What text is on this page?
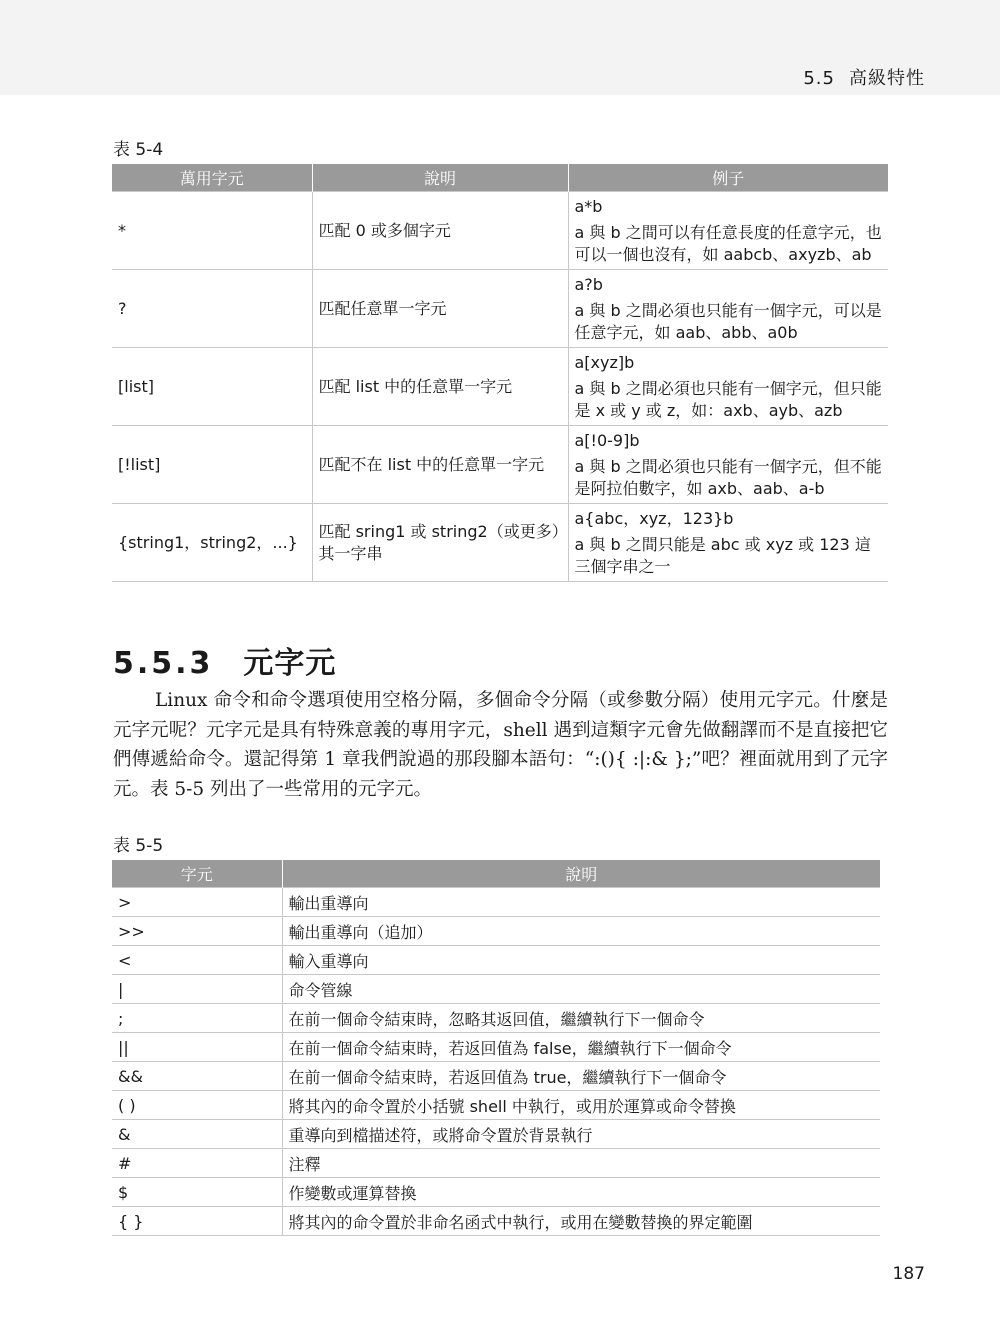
5.5 高級特性
表 5-4
萬用字元	說明	例子
*	匹配 0 或多個字元	a*b
a 與 b 之間可以有任意長度的任意字元，也可以一個也沒有，如 aabcb、axyzb、ab

?	匹配任意單一字元	a?b
a 與 b 之間必須也只能有一個字元，可以是任意字元，如 aab、abb、a0b

[list]	匹配 list 中的任意單一字元	a[xyz]b
a 與 b 之間必須也只能有一個字元，但只能是 x 或 y 或 z，如：axb、ayb、azb

[!list]	匹配不在 list 中的任意單一字元	a[!0-9]b
a 與 b 之間必須也只能有一個字元，但不能是阿拉伯數字，如 axb、aab、a-b

{string1，string2，...}	匹配 sring1 或 string2（或更多）其一字串	a{abc，xyz，123}b
a 與 b 之間只能是 abc 或 xyz 或 123 這三個字串之一
5.5.3 元字元
Linux 命令和命令選項使用空格分隔，多個命令分隔（或參數分隔）使用元字元。什麼是元字元呢？元字元是具有特殊意義的專用字元，shell 遇到這類字元會先做翻譯而不是直接把它們傳遞給命令。還記得第 1 章我們說過的那段腳本語句：“:(){ :|:& };”吧？裡面就用到了元字元。表 5-5 列出了一些常用的元字元。
表 5-5
字元	說明
>	輸出重導向
>>	輸出重導向（追加）
<	輸入重導向
|	命令管線
;	在前一個命令結束時，忽略其返回值，繼續執行下一個命令
||	在前一個命令結束時，若返回值為 false，繼續執行下一個命令
&&	在前一個命令結束時，若返回值為 true，繼續執行下一個命令
( )	將其內的命令置於小括號 shell 中執行，或用於運算或命令替換
&	重導向到檔描述符，或將命令置於背景執行
#	注釋
$	作變數或運算替換
{ }	將其內的命令置於非命名函式中執行，或用在變數替換的界定範圍
187
